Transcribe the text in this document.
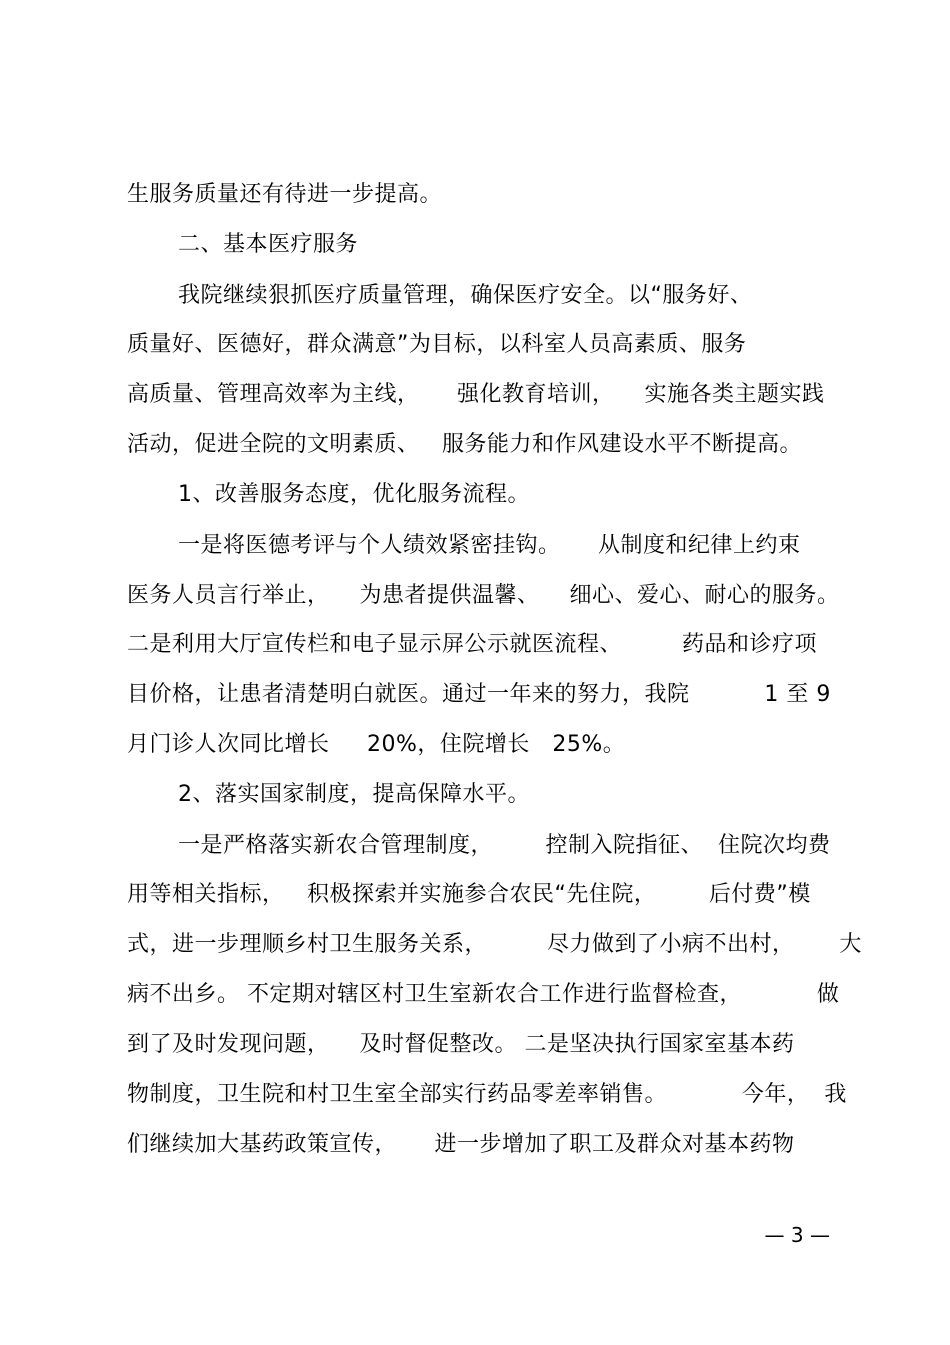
生服务质量还有待进一步提高。
二、基本医疗服务
我院继续狠抓医疗质量管理，确保医疗安全。以“服务好、
质量好、医德好，群众满意”为目标，以科室人员高素质、服务
高质量、管理高效率为主线，     强化教育培训，    实施各类主题实践
活动，促进全院的文明素质、   服务能力和作风建设水平不断提高。
1、改善服务态度，优化服务流程。
一是将医德考评与个人绩效紧密挂钩。     从制度和纪律上约束
医务人员言行举止，    为患者提供温馨、    细心、爱心、耐心的服务。
二是利用大厅宣传栏和电子显示屏公示就医流程、        药品和诊疗项
目价格，让患者清楚明白就医。通过一年来的努力，我院          1 至 9
月门诊人次同比增长     20%，住院增长   25%。
2、落实国家制度，提高保障水平。
一是严格落实新农合管理制度，       控制入院指征、  住院次均费
用等相关指标，   积极探索并实施参合农民“先住院，       后付费”模
式，进一步理顺乡村卫生服务关系，        尽力做到了小病不出村，      大
病不出乡。 不定期对辖区村卫生室新农合工作进行监督检查，          做
到了及时发现问题，    及时督促整改。 二是坚决执行国家室基本药
物制度，卫生院和村卫生室全部实行药品零差率销售。          今年，  我
们继续加大基药政策宣传，     进一步增加了职工及群众对基本药物
— 3 —
